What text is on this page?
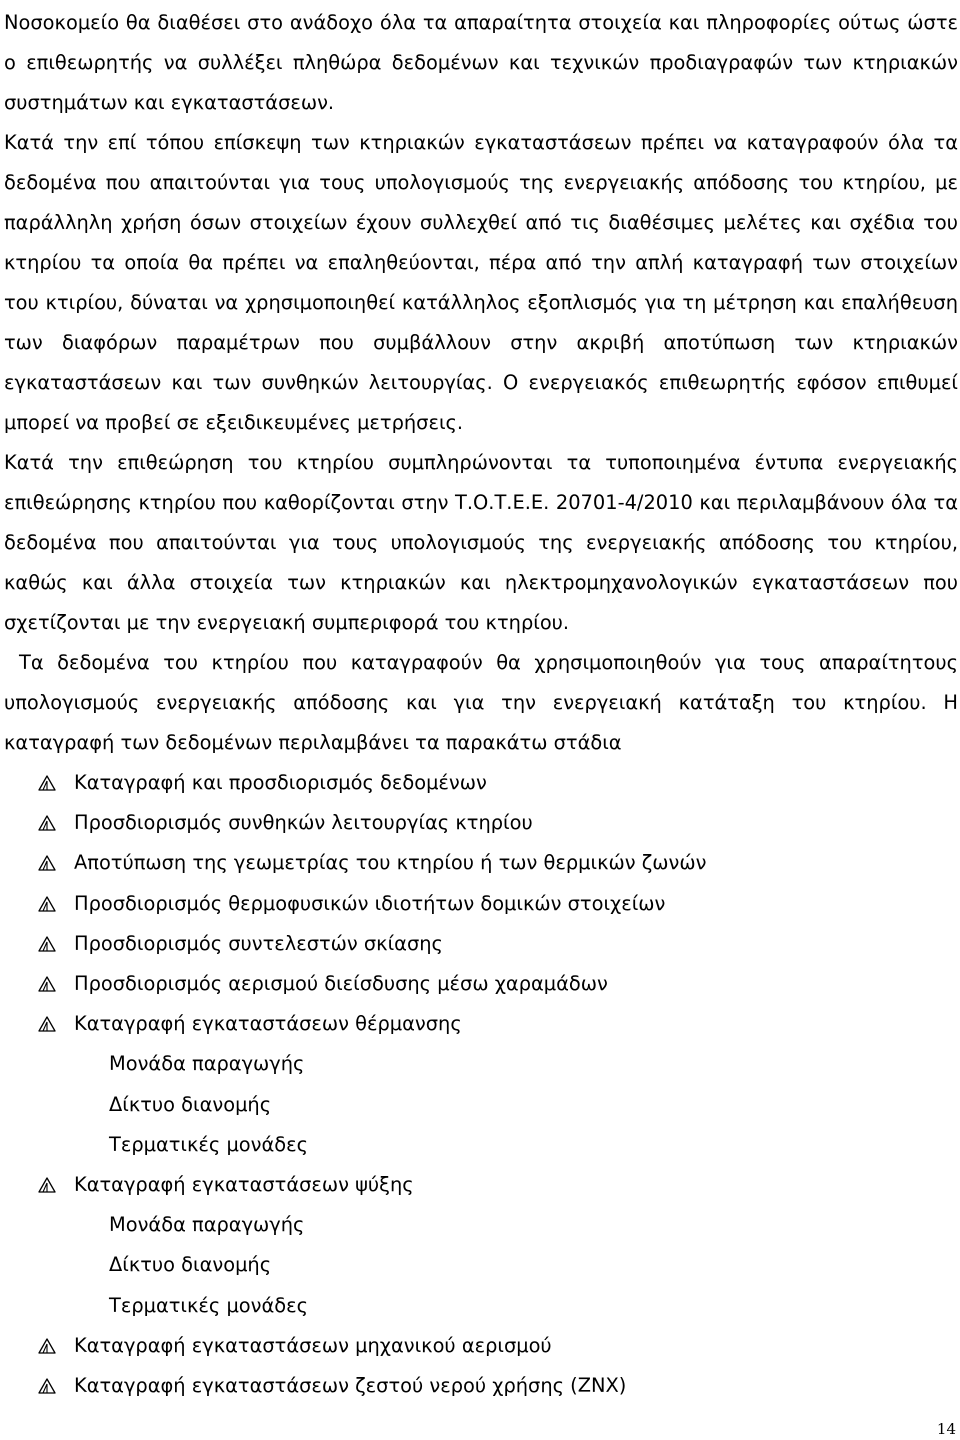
Νοσοκομείο θα διαθέσει στο ανάδοχο όλα τα απαραίτητα στοιχεία και πληροφορίες ούτως ώστε ο επιθεωρητής να συλλέξει πληθώρα δεδομένων και τεχνικών προδιαγραφών των κτηριακών συστημάτων και εγκαταστάσεων.

Κατά την επί τόπου επίσκεψη των κτηριακών εγκαταστάσεων πρέπει να καταγραφούν όλα τα δεδομένα που απαιτούνται για τους υπολογισμούς της ενεργειακής απόδοσης του κτηρίου, με παράλληλη χρήση όσων στοιχείων έχουν συλλεχθεί από τις διαθέσιμες μελέτες και σχέδια του κτηρίου τα οποία θα πρέπει να επαληθεύονται, πέρα από την απλή καταγραφή των στοιχείων του κτιρίου, δύναται να χρησιμοποιηθεί κατάλληλος εξοπλισμός για τη μέτρηση και επαλήθευση των διαφόρων παραμέτρων που συμβάλλουν στην ακριβή αποτύπωση των κτηριακών εγκαταστάσεων και των συνθηκών λειτουργίας. Ο ενεργειακός επιθεωρητής εφόσον επιθυμεί μπορεί να προβεί σε εξειδικευμένες μετρήσεις.

Κατά την επιθεώρηση του κτηρίου συμπληρώνονται τα τυποποιημένα έντυπα ενεργειακής επιθεώρησης κτηρίου που καθορίζονται στην Τ.Ο.Τ.Ε.Ε. 20701-4/2010 και περιλαμβάνουν όλα τα δεδομένα που απαιτούνται για τους υπολογισμούς της ενεργειακής απόδοσης του κτηρίου, καθώς και άλλα στοιχεία των κτηριακών και ηλεκτρομηχανολογικών εγκαταστάσεων που σχετίζονται με την ενεργειακή συμπεριφορά του κτηρίου.

Τα δεδομένα του κτηρίου που καταγραφούν θα χρησιμοποιηθούν για τους απαραίτητους υπολογισμούς ενεργειακής απόδοσης και για την ενεργειακή κατάταξη του κτηρίου. Η καταγραφή των δεδομένων περιλαμβάνει τα παρακάτω στάδια

Καταγραφή και προσδιορισμός δεδομένων
Προσδιορισμός συνθηκών λειτουργίας κτηρίου
Αποτύπωση της γεωμετρίας του κτηρίου ή των θερμικών ζωνών
Προσδιορισμός θερμοφυσικών ιδιοτήτων δομικών στοιχείων
Προσδιορισμός συντελεστών σκίασης
Προσδιορισμός αερισμού διείσδυσης μέσω χαραμάδων
Καταγραφή εγκαταστάσεων θέρμανσης
Μονάδα παραγωγής
Δίκτυο διανομής
Τερματικές μονάδες
Καταγραφή εγκαταστάσεων ψύξης
Μονάδα παραγωγής
Δίκτυο διανομής
Τερματικές μονάδες
Καταγραφή εγκαταστάσεων μηχανικού αερισμού
Καταγραφή εγκαταστάσεων ζεστού νερού χρήσης (ΖΝΧ)
14
